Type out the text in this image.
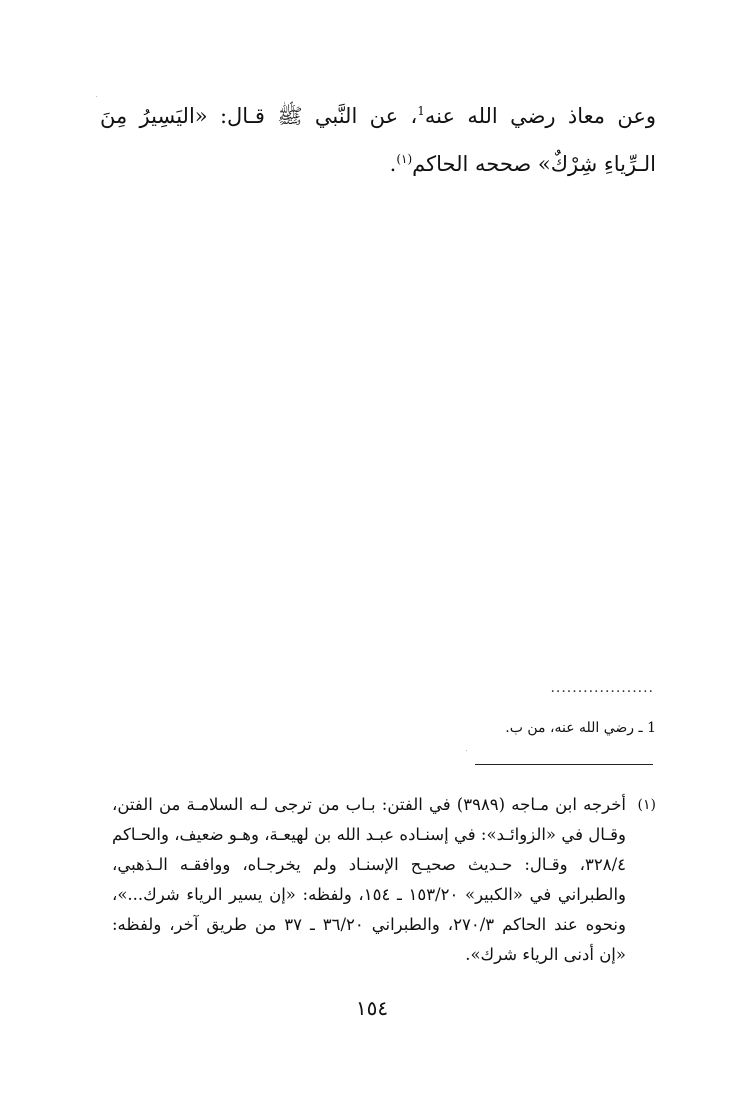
وعن معاذ رضي الله عنه$^1$، عن النَّبي ﷺ قـال: «اليَسِيرُ مِنَ الـرِّياءِ شِرْكٌ» صححه الحاكم$^{(١)}$.
...................
1 ـ رضي الله عنه، من ب.
(١)
أخرجه ابن مـاجه (٣٩٨٩) في الفتن: بـاب من ترجى لـه السلامـة من الفتن، وقـال في «الزوائـد»: في إسنـاده عبـد الله بن لهيعـة، وهـو ضعيف، والحـاكم ٣٢٨/٤، وقـال: حـديث صحيـح الإسنـاد ولم يخرجـاه، ووافقـه الـذهبي، والطبراني في «الكبير» ١٥٣/٢٠ ـ ١٥٤، ولفظه: «إن يسير الرياء شرك...»، ونحوه عند الحاكم ٢٧٠/٣، والطبراني ٣٦/٢٠ ـ ٣٧ من طريق آخر، ولفظه: «إن أدنى الرياء شرك».
١٥٤
